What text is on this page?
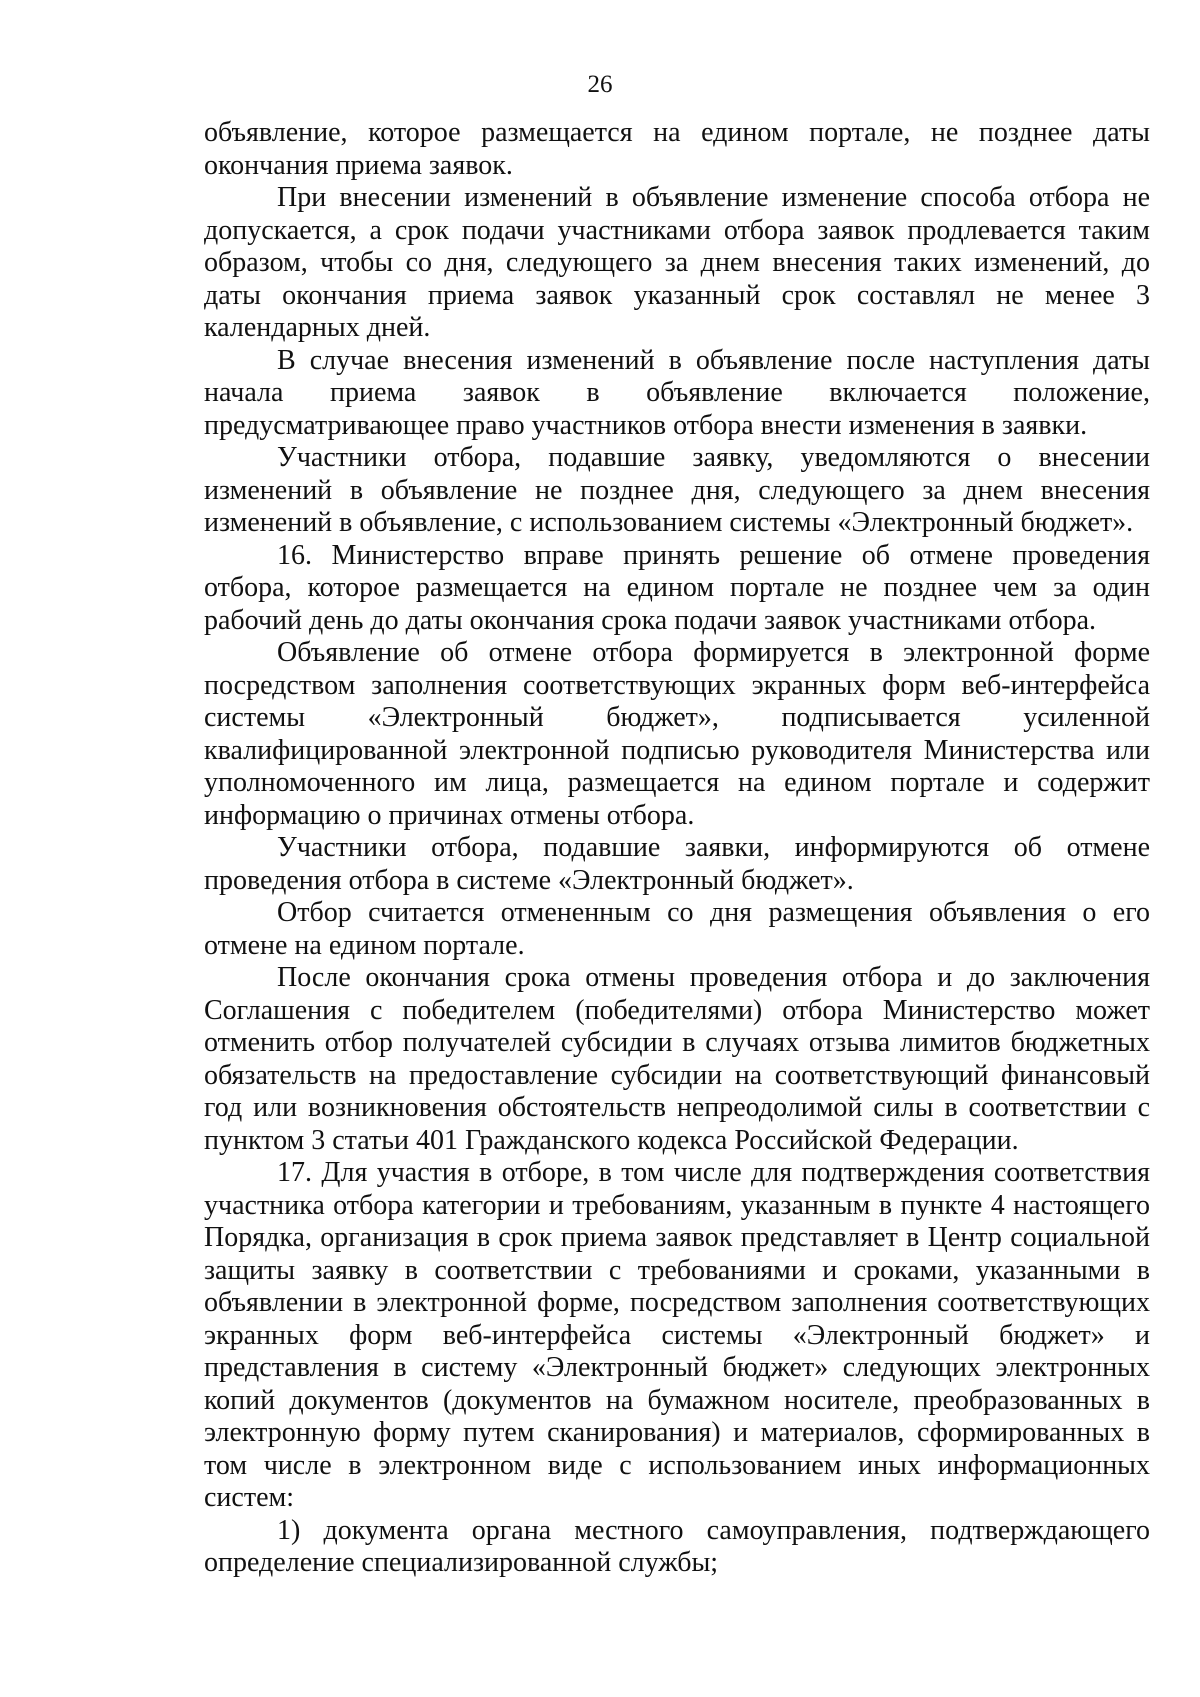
26

объявление, которое размещается на едином портале, не позднее даты окончания приема заявок.

При внесении изменений в объявление изменение способа отбора не допускается, а срок подачи участниками отбора заявок продлевается таким образом, чтобы со дня, следующего за днем внесения таких изменений, до даты окончания приема заявок указанный срок составлял не менее 3 календарных дней.

В случае внесения изменений в объявление после наступления даты начала приема заявок в объявление включается положение, предусматривающее право участников отбора внести изменения в заявки.

Участники отбора, подавшие заявку, уведомляются о внесении изменений в объявление не позднее дня, следующего за днем внесения изменений в объявление, с использованием системы «Электронный бюджет».

16. Министерство вправе принять решение об отмене проведения отбора, которое размещается на едином портале не позднее чем за один рабочий день до даты окончания срока подачи заявок участниками отбора.

Объявление об отмене отбора формируется в электронной форме посредством заполнения соответствующих экранных форм веб-интерфейса системы «Электронный бюджет», подписывается усиленной квалифицированной электронной подписью руководителя Министерства или уполномоченного им лица, размещается на едином портале и содержит информацию о причинах отмены отбора.

Участники отбора, подавшие заявки, информируются об отмене проведения отбора в системе «Электронный бюджет».

Отбор считается отмененным со дня размещения объявления о его отмене на едином портале.

После окончания срока отмены проведения отбора и до заключения Соглашения с победителем (победителями) отбора Министерство может отменить отбор получателей субсидии в случаях отзыва лимитов бюджетных обязательств на предоставление субсидии на соответствующий финансовый год или возникновения обстоятельств непреодолимой силы в соответствии с пунктом 3 статьи 401 Гражданского кодекса Российской Федерации.

17. Для участия в отборе, в том числе для подтверждения соответствия участника отбора категории и требованиям, указанным в пункте 4 настоящего Порядка, организация в срок приема заявок представляет в Центр социальной защиты заявку в соответствии с требованиями и сроками, указанными в объявлении в электронной форме, посредством заполнения соответствующих экранных форм веб-интерфейса системы «Электронный бюджет» и представления в систему «Электронный бюджет» следующих электронных копий документов (документов на бумажном носителе, преобразованных в электронную форму путем сканирования) и материалов, сформированных в том числе в электронном виде с использованием иных информационных систем:

1) документа органа местного самоуправления, подтверждающего определение специализированной службы;
